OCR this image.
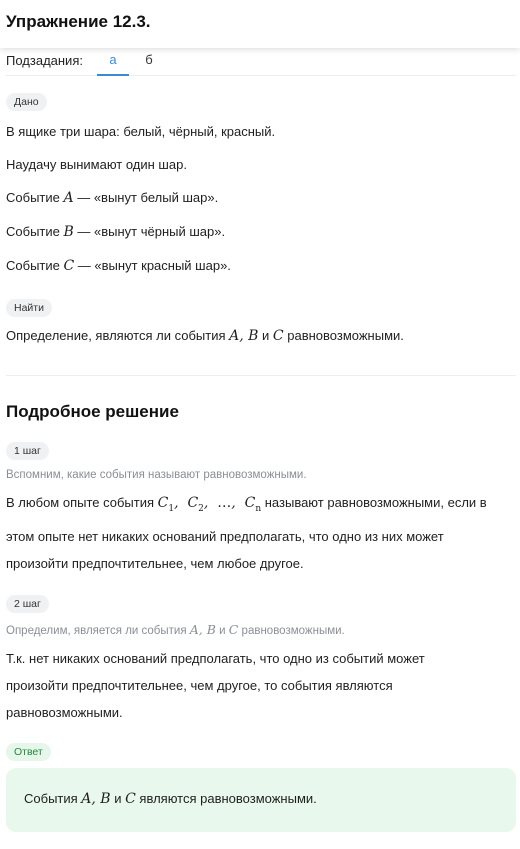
Упражнение 12.3.
Подзадания:	а	б
Дано
В ящике три шара: белый, чёрный, красный.
Наудачу вынимают один шар.
Событие A — «вынут белый шар».
Событие B — «вынут чёрный шар».
Событие C — «вынут красный шар».
Найти
Определение, являются ли события A, B и C равновозможными.
Подробное решение
1 шаг
Вспомним, какие события называют равновозможными.
В любом опыте события $C_1$,  $C_2$,  …,  $C_n$ называют равновозможными, если в
этом опыте нет никаких оснований предполагать, что одно из них может
произойти предпочтительнее, чем любое другое.
2 шаг
Определим, является ли события A, B и C равновозможными.
Т.к. нет никаких оснований предполагать, что одно из событий может
произойти предпочтительнее, чем другое, то события являются
равновозможными.
Ответ
События A, B и C являются равновозможными.
